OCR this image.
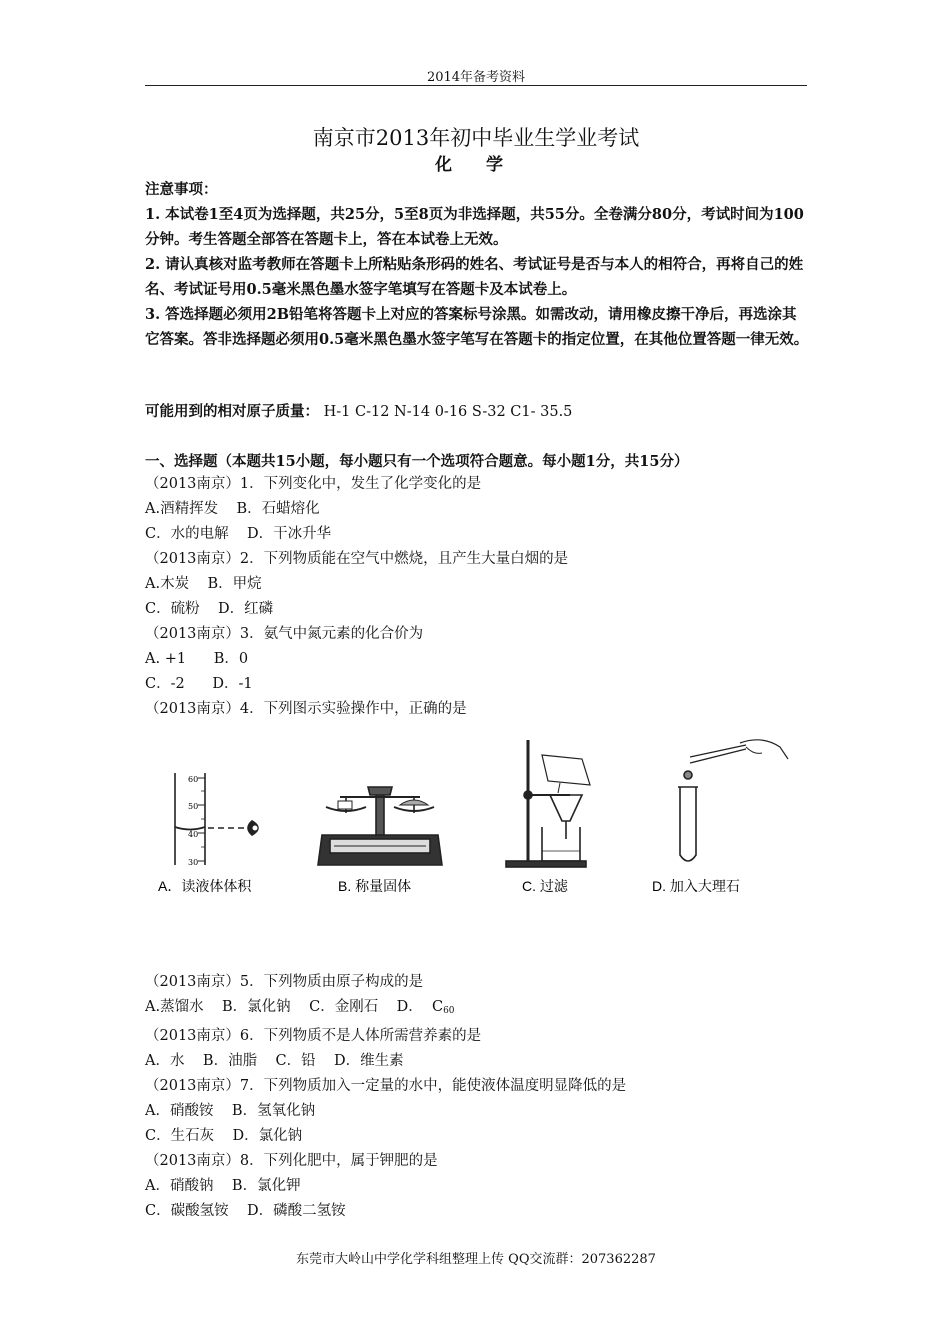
2014年备考资料
南京市2013年初中毕业生学业考试
化 学

注意事项：

1. 本试卷1至4页为选择题，共25分，5至8页为非选择题，共55分。全卷满分80分，考试时间为100分钟。考生答题全部答在答题卡上，答在本试卷上无效。

2. 请认真核对监考教师在答题卡上所粘贴条形码的姓名、考试证号是否与本人的相符合，再将自己的姓名、考试证号用0.5毫米黑色墨水签字笔填写在答题卡及本试卷上。

3. 答选择题必须用2B铅笔将答题卡上对应的答案标号涂黑。如需改动，请用橡皮擦干净后，再选涂其它答案。答非选择题必须用0.5毫米黑色墨水签字笔写在答题卡的指定位置，在其他位置答题一律无效。

可能用到的相对原子质量： H-1 C-12 N-14 0-16 S-32 C1- 35.5
一、选择题（本题共15小题，每小题只有一个选项符合题意。每小题1分，共15分）

（2013南京）1．下列变化中，发生了化学变化的是

A.酒精挥发    B．石蜡熔化

C．水的电解    D．干冰升华

（2013南京）2．下列物质能在空气中燃烧，且产生大量白烟的是

A.木炭    B．甲烷

C．硫粉    D．红磷

（2013南京）3．氨气中氮元素的化合价为

A. +1      B．0

C．-2      D．-1

（2013南京）4．下列图示实验操作中，正确的是

60
50
40
30
A．读液体体积	B. 称量固体	C. 过滤	D. 加入大理石

（2013南京）5．下列物质由原子构成的是

A.蒸馏水    B．氯化钠    C．金刚石    D．  $C_{60}$

（2013南京）6．下列物质不是人体所需营养素的是

A．水    B．油脂    C．铅    D．维生素

（2013南京）7．下列物质加入一定量的水中，能使液体温度明显降低的是

A．硝酸铵    B．氢氧化钠

C．生石灰    D．氯化钠

（2013南京）8．下列化肥中，属于钾肥的是

A．硝酸钠    B．氯化钾

C．碳酸氢铵    D．磷酸二氢铵

东莞市大岭山中学化学科组整理上传 QQ交流群：207362287
